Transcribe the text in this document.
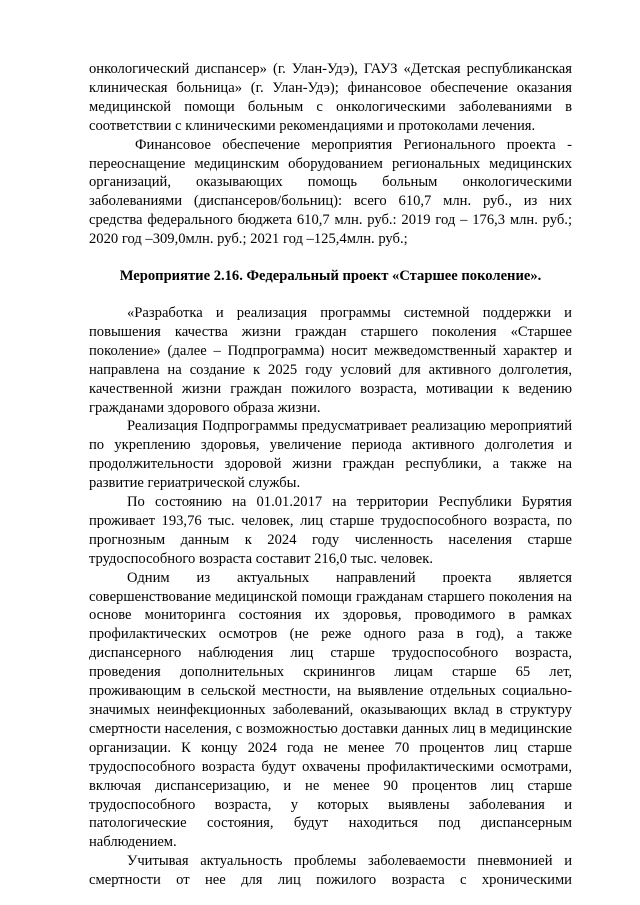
онкологический диспансер» (г. Улан-Удэ), ГАУЗ «Детская республиканская клиническая больница» (г. Улан-Удэ); финансовое обеспечение оказания медицинской помощи больным с онкологическими заболеваниями в соответствии с клиническими рекомендациями и протоколами лечения.

Финансовое обеспечение мероприятия Регионального проекта - переоснащение медицинским оборудованием региональных медицинских организаций, оказывающих помощь больным онкологическими заболеваниями (диспансеров/больниц): всего 610,7 млн. руб., из них средства федерального бюджета 610,7 млн. руб.: 2019 год – 176,3 млн. руб.; 2020 год –309,0млн. руб.; 2021 год –125,4млн. руб.;

Мероприятие 2.16. Федеральный проект «Старшее поколение».

«Разработка и реализация программы системной поддержки и повышения качества жизни граждан старшего поколения «Старшее поколение» (далее – Подпрограмма) носит межведомственный характер и направлена на создание к 2025 году условий для активного долголетия, качественной жизни граждан пожилого возраста, мотивации к ведению гражданами здорового образа жизни.

Реализация Подпрограммы предусматривает реализацию мероприятий по укреплению здоровья, увеличение периода активного долголетия и продолжительности здоровой жизни граждан республики, а также на развитие гериатрической службы.

По состоянию на 01.01.2017 на территории Республики Бурятия проживает 193,76 тыс. человек, лиц старше трудоспособного возраста, по прогнозным данным к 2024 году численность населения старше трудоспособного возраста составит 216,0 тыс. человек.

Одним из актуальных направлений проекта является совершенствование медицинской помощи гражданам старшего поколения на основе мониторинга состояния их здоровья, проводимого в рамках профилактических осмотров (не реже одного раза в год), а также диспансерного наблюдения лиц старше трудоспособного возраста, проведения дополнительных скринингов лицам старше 65 лет, проживающим в сельской местности, на выявление отдельных социально-значимых неинфекционных заболеваний, оказывающих вклад в структуру смертности населения, с возможностью доставки данных лиц в медицинские организации. К концу 2024 года не менее 70 процентов лиц старше трудоспособного возраста будут охвачены профилактическими осмотрами, включая диспансеризацию, и не менее 90 процентов лиц старше трудоспособного возраста, у которых выявлены заболевания и патологические состояния, будут находиться под диспансерным наблюдением.

Учитывая актуальность проблемы заболеваемости пневмонией и смертности от нее для лиц пожилого возраста с хроническими
